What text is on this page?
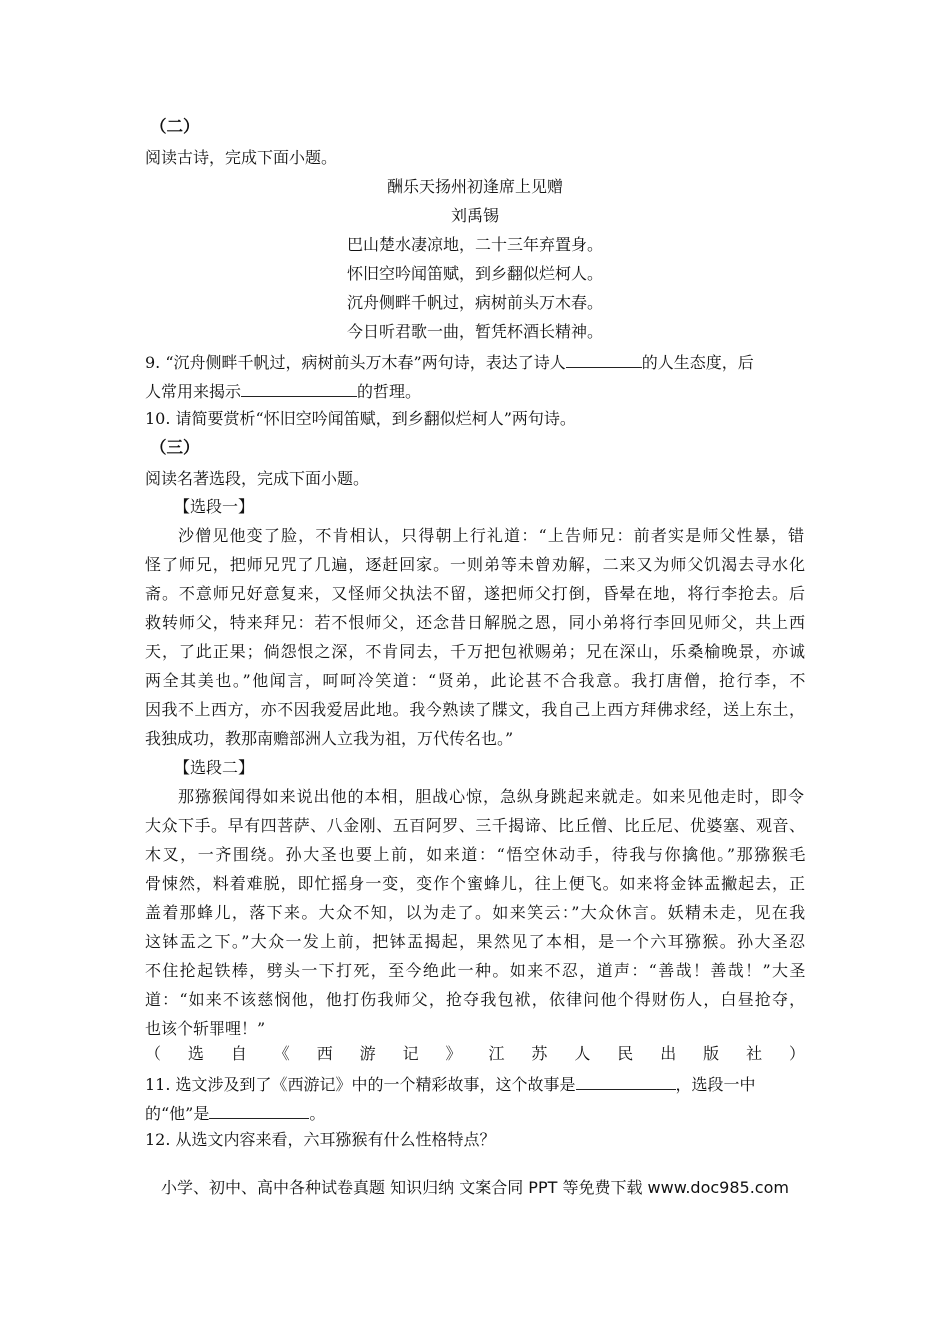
（二）
阅读古诗，完成下面小题。
酬乐天扬州初逢席上见赠
刘禹锡
巴山楚水凄凉地，二十三年弃置身。
怀旧空吟闻笛赋，到乡翻似烂柯人。
沉舟侧畔千帆过，病树前头万木春。
今日听君歌一曲，暂凭杯酒长精神。
9. “沉舟侧畔千帆过，病树前头万木春”两句诗，表达了诗人	的人生态度，后
人常用来揭示	的哲理。
10. 请简要赏析“怀旧空吟闻笛赋，到乡翻似烂柯人”两句诗。
（三）
阅读名著选段，完成下面小题。
【选段一】
沙僧见他变了脸，不肯相认，只得朝上行礼道：“上告师兄：前者实是师父性暴，错
怪了师兄，把师兄咒了几遍，逐赶回家。一则弟等未曾劝解，二来又为师父饥渴去寻水化
斋。不意师兄好意复来，又怪师父执法不留，遂把师父打倒，昏晕在地，将行李抢去。后
救转师父，特来拜兄：若不恨师父，还念昔日解脱之恩，同小弟将行李回见师父，共上西
天，了此正果；倘怨恨之深，不肯同去，千万把包袱赐弟；兄在深山，乐桑榆晚景，亦诚
两全其美也。”他闻言，呵呵冷笑道：“贤弟，此论甚不合我意。我打唐僧，抢行李，不
因我不上西方，亦不因我爱居此地。我今熟读了牒文，我自己上西方拜佛求经，送上东土，
我独成功，教那南赡部洲人立我为祖，万代传名也。”
【选段二】
那猕猴闻得如来说出他的本相，胆战心惊，急纵身跳起来就走。如来见他走时，即令
大众下手。早有四菩萨、八金刚、五百阿罗、三千揭谛、比丘僧、比丘尼、优婆塞、观音、
木叉，一齐围绕。孙大圣也要上前，如来道：“悟空休动手，待我与你擒他。”那猕猴毛
骨悚然，料着难脱，即忙摇身一变，变作个蜜蜂儿，往上便飞。如来将金钵盂撇起去，正
盖着那蜂儿，落下来。大众不知，以为走了。如来笑云：”大众休言。妖精未走，见在我
这钵盂之下。”大众一发上前，把钵盂揭起，果然见了本相，是一个六耳猕猴。孙大圣忍
不住抡起铁棒，劈头一下打死，至今绝此一种。如来不忍，道声：“善哉！善哉！”大圣
道：“如来不该慈悯他，他打伤我师父，抢夺我包袱，依律问他个得财伤人，白昼抢夺，
也该个斩罪哩！”
（选自《西游记》江苏人民出版社）
11. 选文涉及到了《西游记》中的一个精彩故事，这个故事是	，选段一中
的“他”是	。
12. 从选文内容来看，六耳猕猴有什么性格特点？
小学、初中、高中各种试卷真题 知识归纳 文案合同 PPT 等免费下载 www.doc985.com
